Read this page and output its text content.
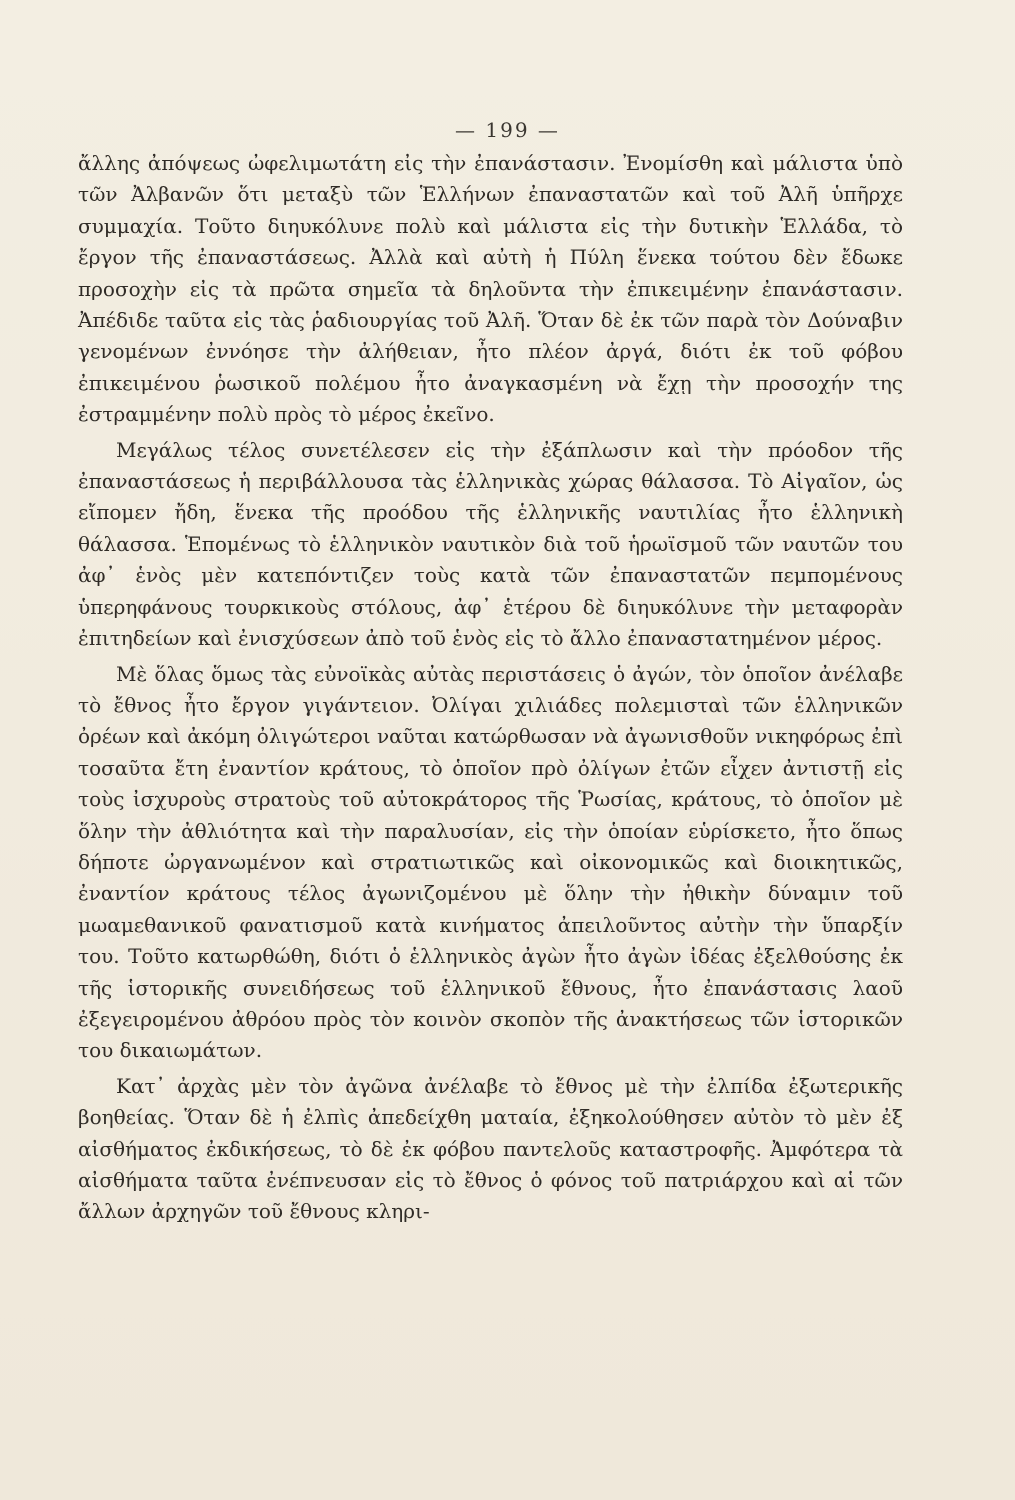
— 199 —

ἄλλης ἀπόψεως ὠφελιμωτάτη εἰς τὴν ἐπανάστασιν. Ἐνομίσθη καὶ μάλιστα ὑπὸ τῶν Ἀλβανῶν ὅτι μεταξὺ τῶν Ἑλλήνων ἐπαναστατῶν καὶ τοῦ Ἀλῆ ὑπῆρχε συμμαχία. Τοῦτο διηυκόλυνε πολὺ καὶ μάλιστα εἰς τὴν δυτικὴν Ἑλλάδα, τὸ ἔργον τῆς ἐπαναστάσεως. Ἀλλὰ καὶ αὐτὴ ἡ Πύλη ἕνεκα τούτου δὲν ἔδωκε προσοχὴν εἰς τὰ πρῶτα σημεῖα τὰ δηλοῦντα τὴν ἐπικειμένην ἐπανάστασιν. Ἀπέδιδε ταῦτα εἰς τὰς ῥαδιουργίας τοῦ Ἀλῆ. Ὅταν δὲ ἐκ τῶν παρὰ τὸν Δούναβιν γενομένων ἐννόησε τὴν ἀλήθειαν, ἦτο πλέον ἀργά, διότι ἐκ τοῦ φόβου ἐπικειμένου ῥωσικοῦ πολέμου ἦτο ἀναγκασμένη νὰ ἔχῃ τὴν προσοχήν της ἐστραμμένην πολὺ πρὸς τὸ μέρος ἐκεῖνο.

Μεγάλως τέλος συνετέλεσεν εἰς τὴν ἐξάπλωσιν καὶ τὴν πρόοδον τῆς ἐπαναστάσεως ἡ περιβάλλουσα τὰς ἑλληνικὰς χώρας θάλασσα. Τὸ Αἰγαῖον, ὡς εἴπομεν ἤδη, ἕνεκα τῆς προόδου τῆς ἑλληνικῆς ναυτιλίας ἦτο ἑλληνικὴ θάλασσα. Ἑπομένως τὸ ἑλληνικὸν ναυτικὸν διὰ τοῦ ἡρωϊσμοῦ τῶν ναυτῶν του ἀφ᾽ ἑνὸς μὲν κατεπόντιζεν τοὺς κατὰ τῶν ἐπαναστατῶν πεμπομένους ὑπερηφάνους τουρκικοὺς στόλους, ἀφ᾽ ἑτέρου δὲ διηυκόλυνε τὴν μεταφορὰν ἐπιτηδείων καὶ ἐνισχύσεων ἀπὸ τοῦ ἑνὸς εἰς τὸ ἄλλο ἐπαναστατημένον μέρος.

Μὲ ὅλας ὅμως τὰς εὐνοϊκὰς αὐτὰς περιστάσεις ὁ ἀγών, τὸν ὁποῖον ἀνέλαβε τὸ ἔθνος ἦτο ἔργον γιγάντειον. Ὀλίγαι χιλιάδες πολεμισταὶ τῶν ἑλληνικῶν ὀρέων καὶ ἀκόμη ὀλιγώτεροι ναῦται κατώρθωσαν νὰ ἀγωνισθοῦν νικηφόρως ἐπὶ τοσαῦτα ἔτη ἐναντίον κράτους, τὸ ὁποῖον πρὸ ὀλίγων ἐτῶν εἶχεν ἀντιστῇ εἰς τοὺς ἰσχυροὺς στρατοὺς τοῦ αὐτοκράτορος τῆς Ῥωσίας, κράτους, τὸ ὁποῖον μὲ ὅλην τὴν ἀθλιότητα καὶ τὴν παραλυσίαν, εἰς τὴν ὁποίαν εὑρίσκετο, ἦτο ὅπως δήποτε ὠργανωμένον καὶ στρατιωτικῶς καὶ οἰκονομικῶς καὶ διοικητικῶς, ἐναντίον κράτους τέλος ἀγωνιζομένου μὲ ὅλην τὴν ἠθικὴν δύναμιν τοῦ μωαμεθανικοῦ φανατισμοῦ κατὰ κινήματος ἀπειλοῦντος αὐτὴν τὴν ὕπαρξίν του. Τοῦτο κατωρθώθη, διότι ὁ ἑλληνικὸς ἀγὼν ἦτο ἀγὼν ἰδέας ἐξελθούσης ἐκ τῆς ἱστορικῆς συνειδήσεως τοῦ ἑλληνικοῦ ἔθνους, ἦτο ἐπανάστασις λαοῦ ἐξεγειρομένου ἀθρόου πρὸς τὸν κοινὸν σκοπὸν τῆς ἀνακτήσεως τῶν ἱστορικῶν του δικαιωμάτων.

Κατ᾽ ἀρχὰς μὲν τὸν ἀγῶνα ἀνέλαβε τὸ ἔθνος μὲ τὴν ἐλπίδα ἐξωτερικῆς βοηθείας. Ὅταν δὲ ἡ ἐλπὶς ἀπεδείχθη ματαία, ἐξηκολούθησεν αὐτὸν τὸ μὲν ἐξ αἰσθήματος ἐκδικήσεως, τὸ δὲ ἐκ φόβου παντελοῦς καταστροφῆς. Ἀμφότερα τὰ αἰσθήματα ταῦτα ἐνέπνευσαν εἰς τὸ ἔθνος ὁ φόνος τοῦ πατριάρχου καὶ αἱ τῶν ἄλλων ἀρχηγῶν τοῦ ἔθνους κληρι-
